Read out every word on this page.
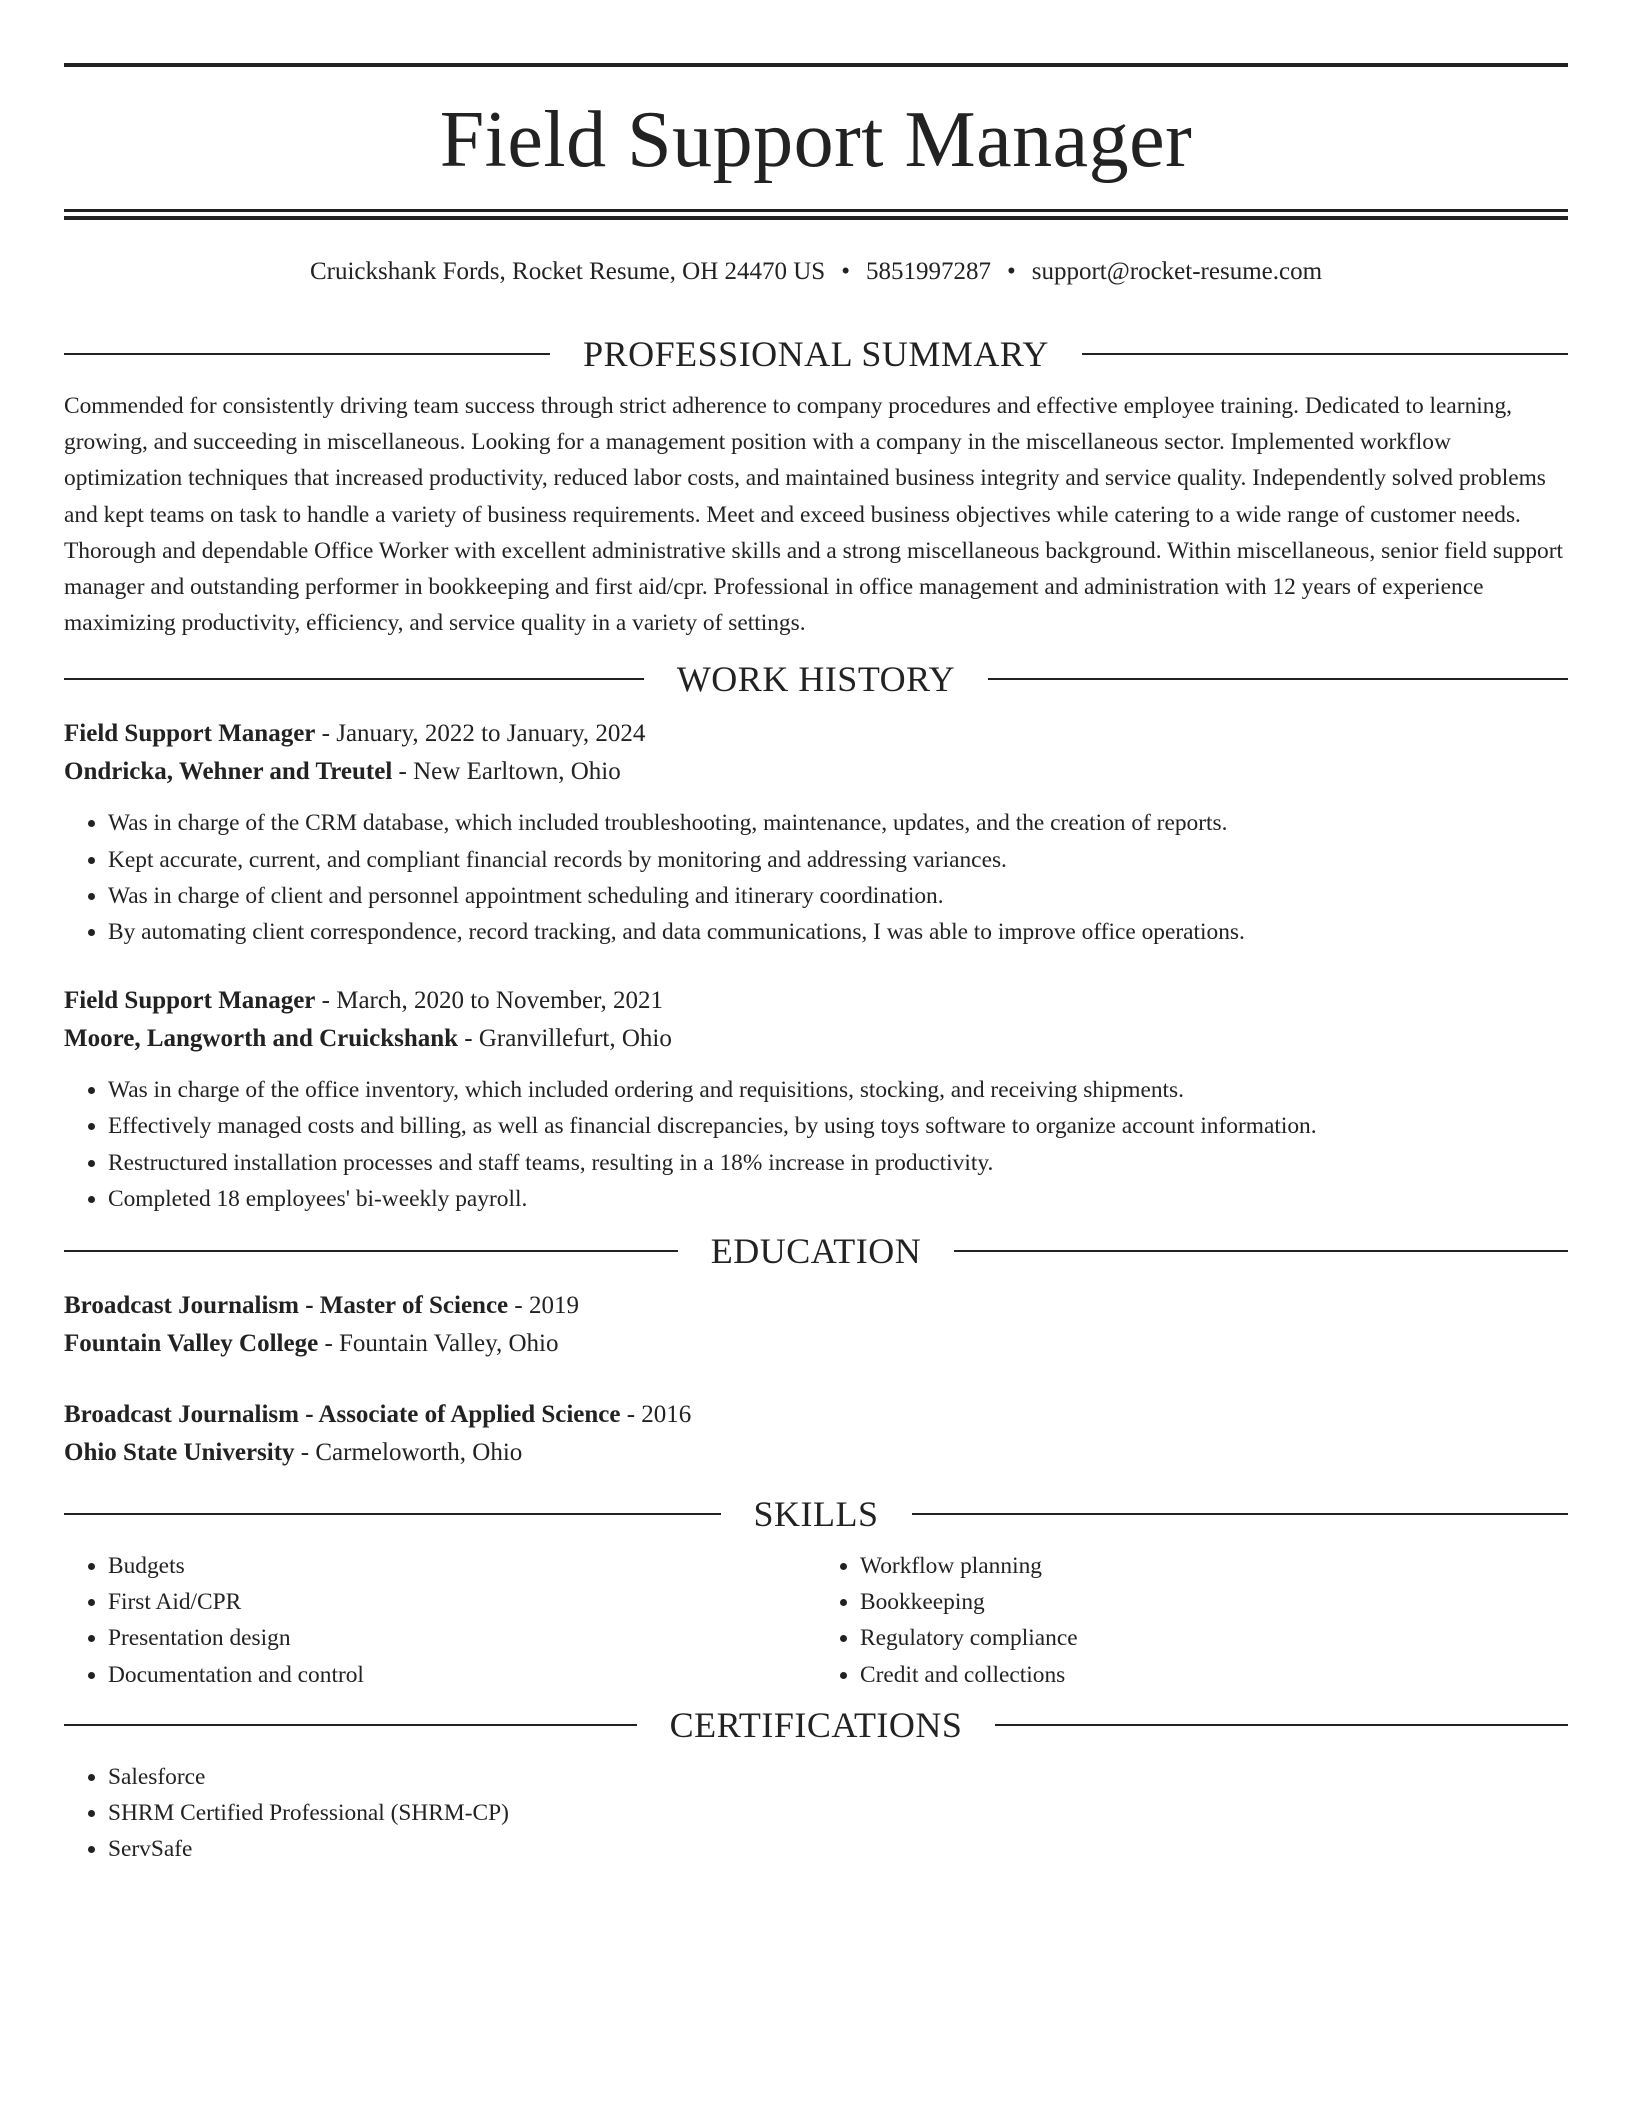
Field Support Manager
Cruickshank Fords, Rocket Resume, OH 24470 US • 5851997287 • support@rocket-resume.com
PROFESSIONAL SUMMARY

Commended for consistently driving team success through strict adherence to company procedures and effective employee training. Dedicated to learning, growing, and succeeding in miscellaneous. Looking for a management position with a company in the miscellaneous sector. Implemented workflow optimization techniques that increased productivity, reduced labor costs, and maintained business integrity and service quality. Independently solved problems and kept teams on task to handle a variety of business requirements. Meet and exceed business objectives while catering to a wide range of customer needs. Thorough and dependable Office Worker with excellent administrative skills and a strong miscellaneous background. Within miscellaneous, senior field support manager and outstanding performer in bookkeeping and first aid/cpr. Professional in office management and administration with 12 years of experience maximizing productivity, efficiency, and service quality in a variety of settings.

WORK HISTORY
Field Support Manager - January, 2022 to January, 2024
Ondricka, Wehner and Treutel - New Earltown, Ohio
• Was in charge of the CRM database, which included troubleshooting, maintenance, updates, and the creation of reports.
• Kept accurate, current, and compliant financial records by monitoring and addressing variances.
• Was in charge of client and personnel appointment scheduling and itinerary coordination.
• By automating client correspondence, record tracking, and data communications, I was able to improve office operations.
Field Support Manager - March, 2020 to November, 2021
Moore, Langworth and Cruickshank - Granvillefurt, Ohio
• Was in charge of the office inventory, which included ordering and requisitions, stocking, and receiving shipments.
• Effectively managed costs and billing, as well as financial discrepancies, by using toys software to organize account information.
• Restructured installation processes and staff teams, resulting in a 18% increase in productivity.
• Completed 18 employees' bi-weekly payroll.
EDUCATION
Broadcast Journalism - Master of Science - 2019
Fountain Valley College - Fountain Valley, Ohio
Broadcast Journalism - Associate of Applied Science - 2016
Ohio State University - Carmeloworth, Ohio
SKILLS
• Budgets
• First Aid/CPR
• Presentation design
• Documentation and control
• Workflow planning
• Bookkeeping
• Regulatory compliance
• Credit and collections
CERTIFICATIONS
• Salesforce
• SHRM Certified Professional (SHRM-CP)
• ServSafe
